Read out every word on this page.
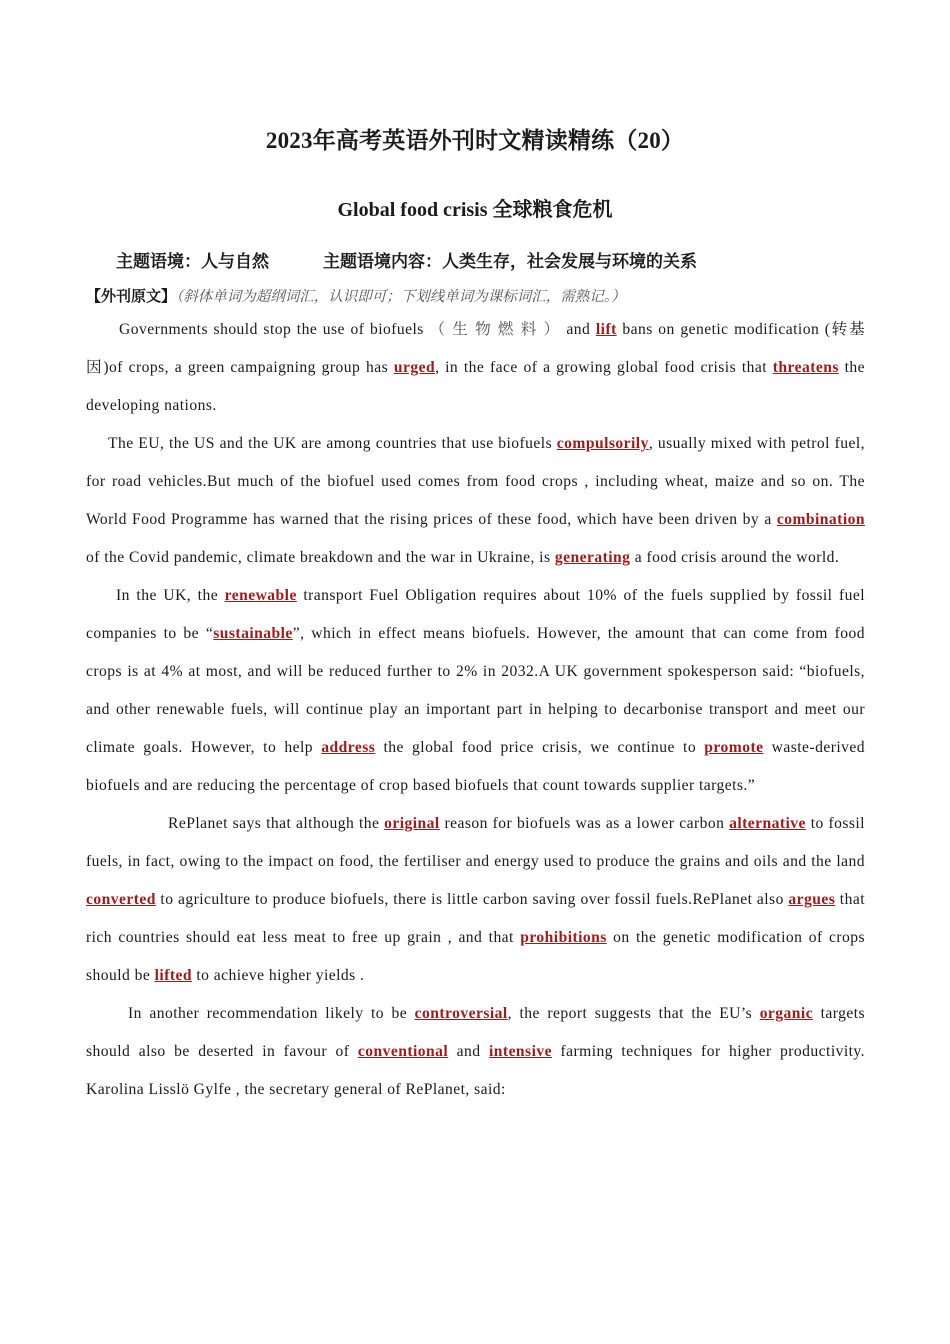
2023年高考英语外刊时文精读精练（20）
Global food crisis 全球粮食危机
主题语境：人与自然	主题语境内容：人类生存，社会发展与环境的关系
【外刊原文】（斜体单词为超纲词汇，认识即可；下划线单词为课标词汇，需熟记。）

Governments should stop the use of biofuels （生物燃料）and lift bans on genetic modification (转基因)of crops, a green campaigning group has urged, in the face of a growing global food crisis that threatens the developing nations.

The EU, the US and the UK are among countries that use biofuels compulsorily, usually mixed with petrol fuel, for road vehicles.But much of the biofuel used comes from food crops , including wheat, maize and so on. The World Food Programme has warned that the rising prices of these food, which have been driven by a combination of the Covid pandemic, climate breakdown and the war in Ukraine, is generating a food crisis around the world.

In the UK, the renewable transport Fuel Obligation requires about 10% of the fuels supplied by fossil fuel companies to be “sustainable”, which in effect means biofuels. However, the amount that can come from food crops is at 4% at most, and will be reduced further to 2% in 2032.A UK government spokesperson said: “biofuels, and other renewable fuels, will continue play an important part in helping to decarbonise transport and meet our climate goals. However, to help address the global food price crisis, we continue to promote waste-derived biofuels and are reducing the percentage of crop based biofuels that count towards supplier targets.”

RePlanet says that although the original reason for biofuels was as a lower carbon alternative to fossil fuels, in fact, owing to the impact on food, the fertiliser and energy used to produce the grains and oils and the land converted to agriculture to produce biofuels, there is little carbon saving over fossil fuels.RePlanet also argues that rich countries should eat less meat to free up grain , and that prohibitions on the genetic modification of crops should be lifted to achieve higher yields .

In another recommendation likely to be controversial, the report suggests that the EU’s organic targets should also be deserted in favour of conventional and intensive farming techniques for higher productivity. Karolina Lisslö Gylfe , the secretary general of RePlanet, said:
